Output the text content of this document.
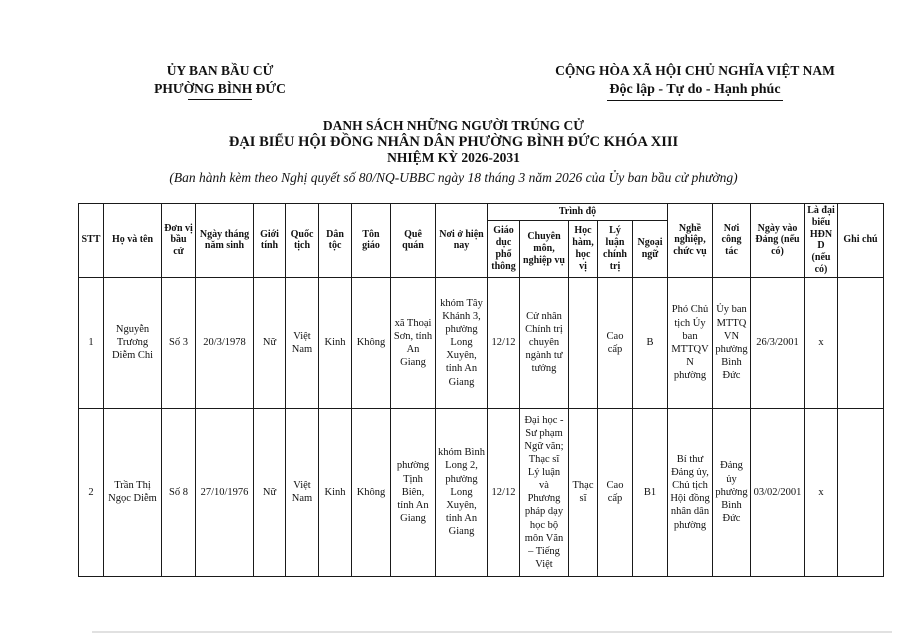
ỦY BAN BẦU CỬ
PHƯỜNG BÌNH ĐỨC
CỘNG HÒA XÃ HỘI CHỦ NGHĨA VIỆT NAM
Độc lập - Tự do - Hạnh phúc
DANH SÁCH NHỮNG NGƯỜI TRÚNG CỬ
ĐẠI BIỂU HỘI ĐỒNG NHÂN DÂN PHƯỜNG BÌNH ĐỨC KHÓA XIII
NHIỆM KỲ 2026-2031
(Ban hành kèm theo Nghị quyết số 80/NQ-UBBC ngày 18 tháng 3 năm 2026 của Ủy ban bầu cử phường)
STT	Họ và tên	Đơn vị bầu cử	Ngày tháng năm sinh	Giới tính	Quốc tịch	Dân tộc	Tôn giáo	Quê quán	Nơi ở hiện nay	Trình độ					Nghề nghiệp, chức vụ	Nơi công tác	Ngày vào Đảng (nếu có)	Là đại biểu HĐND (nếu có)	Ghi chú
										Giáo dục phổ thông	Chuyên môn, nghiệp vụ	Học hàm, học vị	Lý luận chính trị	Ngoại ngữ					
1	Nguyễn Trương Diễm Chi	Số 3	20/3/1978	Nữ	Việt Nam	Kinh	Không	xã Thoại Sơn, tỉnh An Giang	khóm Tây Khánh 3, phường Long Xuyên, tỉnh An Giang	12/12	Cử nhân Chính trị chuyên ngành tư tưởng		Cao cấp	B	Phó Chủ tịch Ủy ban MTTQVN phường	Ủy ban MTTQ VN phường Bình Đức	26/3/2001	x	
2	Trần Thị Ngọc Diễm	Số 8	27/10/1976	Nữ	Việt Nam	Kinh	Không	phường Tịnh Biên, tỉnh An Giang	khóm Bình Long 2, phường Long Xuyên, tỉnh An Giang	12/12	Đại học - Sư phạm Ngữ văn; Thạc sĩ Lý luận và Phương pháp dạy học bộ môn Văn – Tiếng Việt	Thạc sĩ	Cao cấp	B1	Bí thư Đảng ủy, Chủ tịch Hội đồng nhân dân phường	Đảng ủy phường Bình Đức	03/02/2001	x	
